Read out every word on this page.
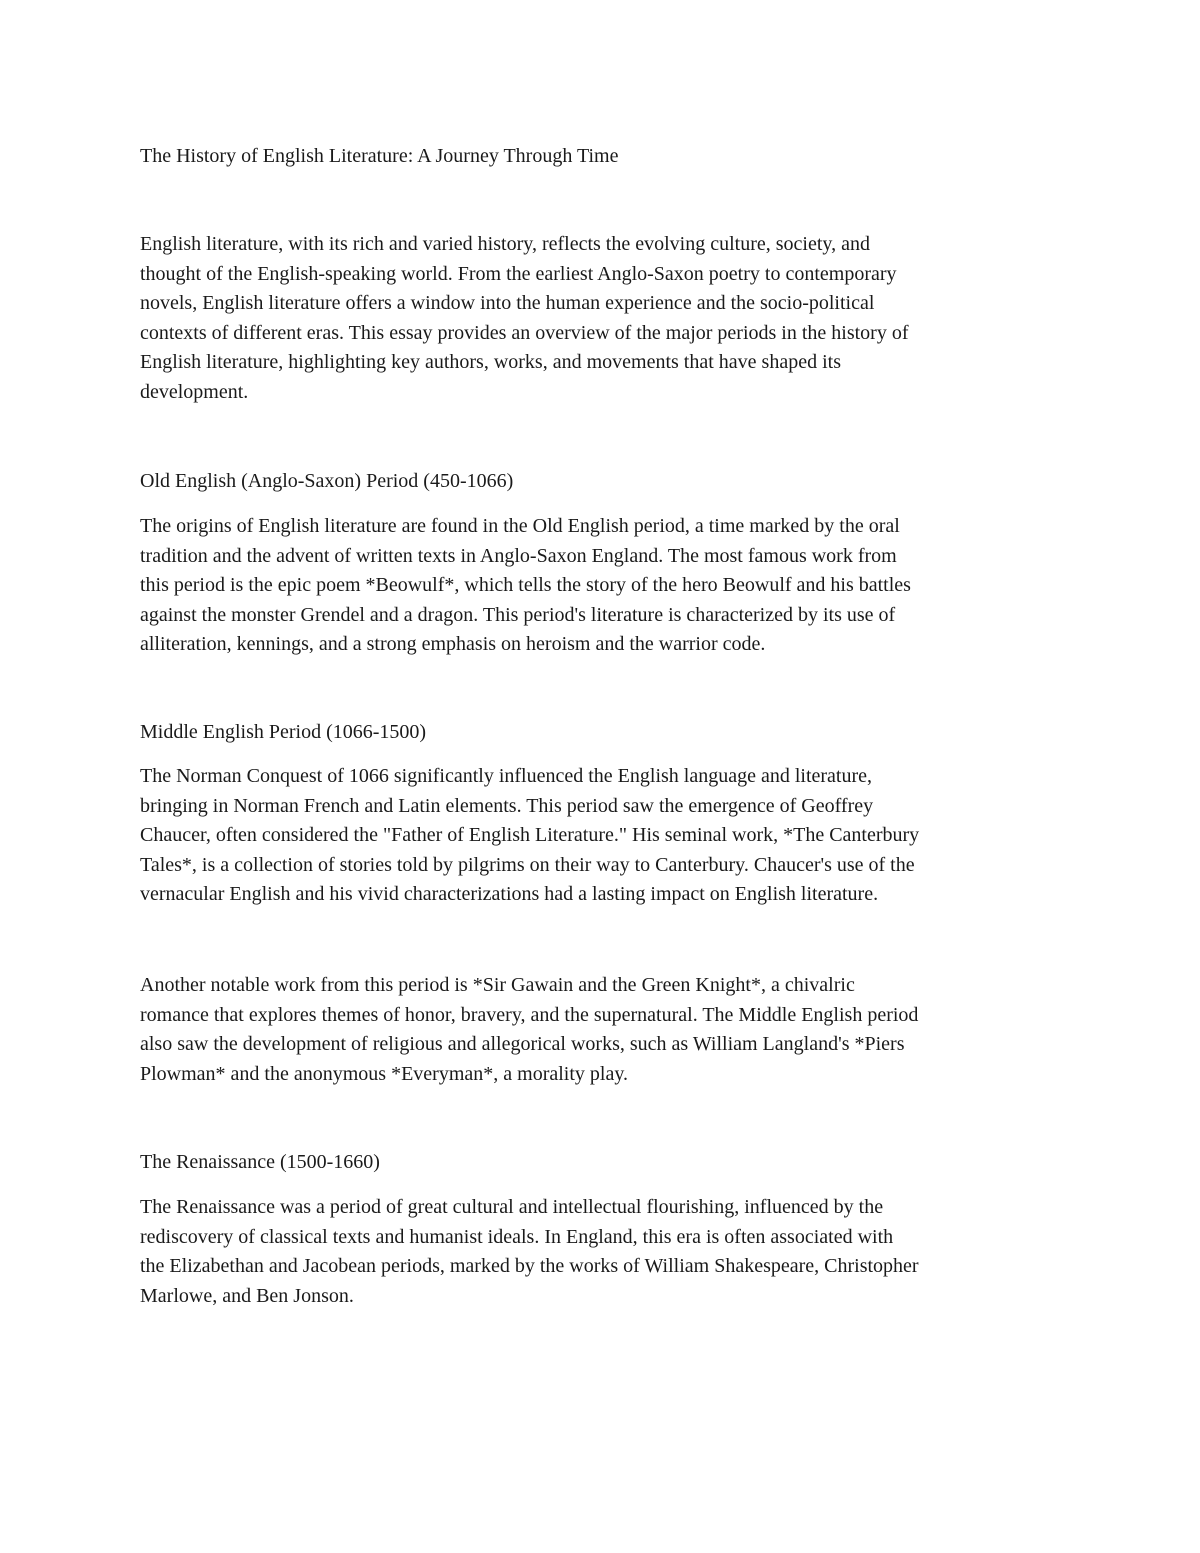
The History of English Literature: A Journey Through Time

English literature, with its rich and varied history, reflects the evolving culture, society, and
thought of the English-speaking world. From the earliest Anglo-Saxon poetry to contemporary
novels, English literature offers a window into the human experience and the socio-political
contexts of different eras. This essay provides an overview of the major periods in the history of
English literature, highlighting key authors, works, and movements that have shaped its
development.

Old English (Anglo-Saxon) Period (450-1066)

The origins of English literature are found in the Old English period, a time marked by the oral
tradition and the advent of written texts in Anglo-Saxon England. The most famous work from
this period is the epic poem *Beowulf*, which tells the story of the hero Beowulf and his battles
against the monster Grendel and a dragon. This period's literature is characterized by its use of
alliteration, kennings, and a strong emphasis on heroism and the warrior code.

Middle English Period (1066-1500)

The Norman Conquest of 1066 significantly influenced the English language and literature,
bringing in Norman French and Latin elements. This period saw the emergence of Geoffrey
Chaucer, often considered the "Father of English Literature." His seminal work, *The Canterbury
Tales*, is a collection of stories told by pilgrims on their way to Canterbury. Chaucer's use of the
vernacular English and his vivid characterizations had a lasting impact on English literature.

Another notable work from this period is *Sir Gawain and the Green Knight*, a chivalric
romance that explores themes of honor, bravery, and the supernatural. The Middle English period
also saw the development of religious and allegorical works, such as William Langland's *Piers
Plowman* and the anonymous *Everyman*, a morality play.

The Renaissance (1500-1660)

The Renaissance was a period of great cultural and intellectual flourishing, influenced by the
rediscovery of classical texts and humanist ideals. In England, this era is often associated with
the Elizabethan and Jacobean periods, marked by the works of William Shakespeare, Christopher
Marlowe, and Ben Jonson.
